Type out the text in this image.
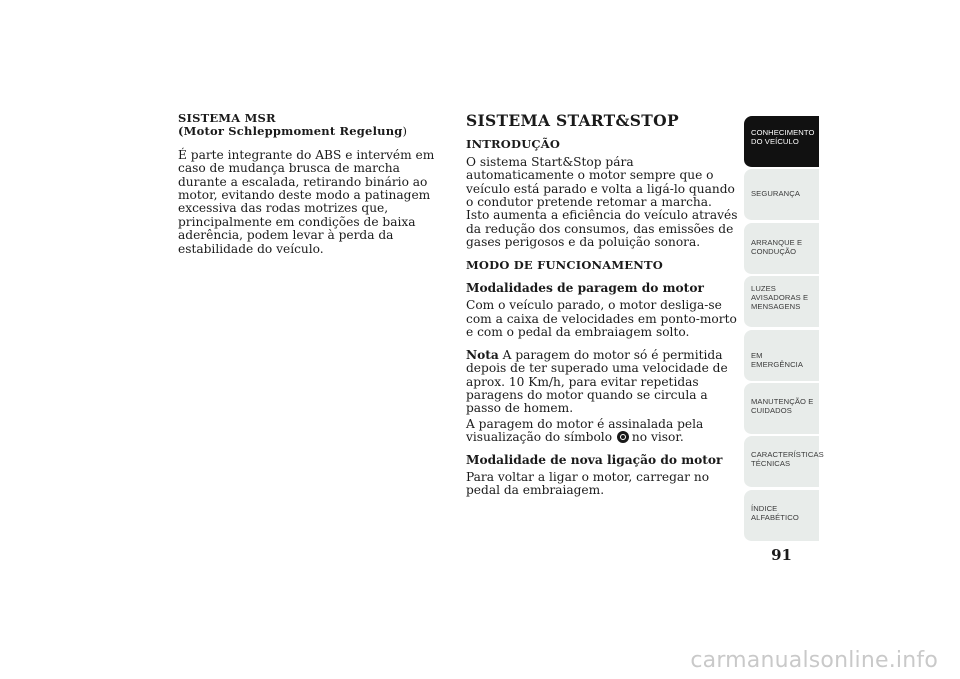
SISTEMA MSR

(Motor Schleppmoment Regelung)

É parte integrante do ABS e intervém em caso de mudança brusca de marcha durante a escalada, retirando binário ao motor, evitando deste modo a patinagem excessiva das rodas motrizes que, principalmente em condições de baixa aderência, podem levar à perda da estabilidade do veículo.

SISTEMA START&STOP

INTRODUÇÃO

O sistema Start&Stop pára automaticamente o motor sempre que o veículo está parado e volta a ligá-lo quando o condutor pretende retomar a marcha. Isto aumenta a eficiência do veículo através da redução dos consumos, das emissões de gases perigosos e da poluição sonora.

MODO DE FUNCIONAMENTO

Modalidades de paragem do motor

Com o veículo parado, o motor desliga-se com a caixa de velocidades em ponto-morto e com o pedal da embraiagem solto.

Nota A paragem do motor só é permitida depois de ter superado uma velocidade de aprox. 10 Km/h, para evitar repetidas paragens do motor quando se circula a passo de homem.

A paragem do motor é assinalada pela visualização do símbolo no visor.

Modalidade de nova ligação do motor

Para voltar a ligar o motor, carregar no pedal da embraiagem.

CONHECIMENTO
DO VEÍCULO
SEGURANÇA
ARRANQUE E
CONDUÇÃO
LUZES
AVISADORAS E
MENSAGENS
EM EMERGÊNCIA
MANUTENÇÃO E
CUIDADOS
CARACTERÍSTICAS
TÉCNICAS
ÍNDICE
ALFABÉTICO
91
carmanualsonline.info
